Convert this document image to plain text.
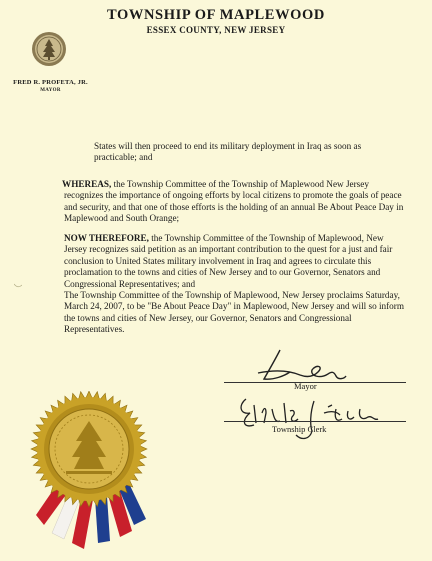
TOWNSHIP OF MAPLEWOOD
ESSEX COUNTY, NEW JERSEY
FRED R. PROFETA, JR.
MAYOR

States will then proceed to end its military deployment in Iraq as soon as practicable; and

WHEREAS, the Township Committee of the Township of Maplewood New Jersey recognizes the importance of ongoing efforts by local citizens to promote the goals of peace and security, and that one of those efforts is the holding of an annual Be About Peace Day in Maplewood and South Orange;

NOW THEREFORE, the Township Committee of the Township of Maplewood, New Jersey recognizes said petition as an important contribution to the quest for a just and fair conclusion to United States military involvement in Iraq and agrees to circulate this proclamation to the towns and cities of New Jersey and to our Governor, Senators and Congressional Representatives; and

The Township Committee of the Township of Maplewood, New Jersey proclaims Saturday, March 24, 2007, to be "Be About Peace Day" in Maplewood, New Jersey and will so inform the towns and cities of New Jersey, our Governor, Senators and Congressional Representatives.

Mayor
Township Clerk
